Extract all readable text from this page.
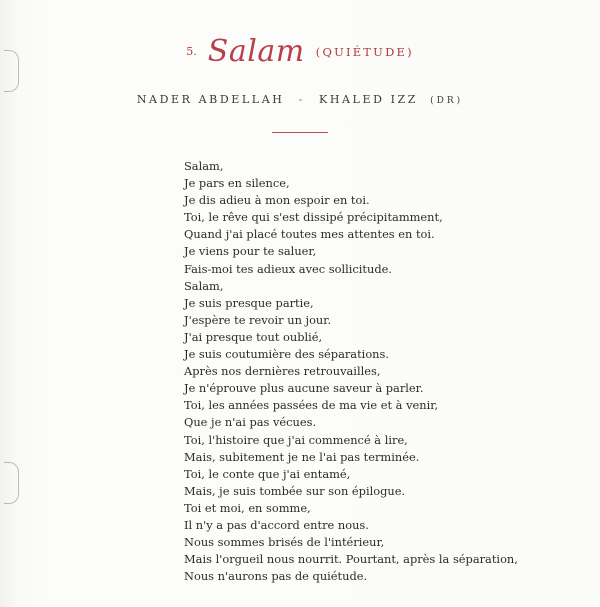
5. Salam (QUIÉTUDE)
NADER ABDELLAH - KHALED IZZ (DR)
Salam,
Je pars en silence,
Je dis adieu à mon espoir en toi.
Toi, le rêve qui s'est dissipé précipitamment,
Quand j'ai placé toutes mes attentes en toi.
Je viens pour te saluer,
Fais-moi tes adieux avec sollicitude.
Salam,
Je suis presque partie,
J'espère te revoir un jour.
J'ai presque tout oublié,
Je suis coutumière des séparations.
Après nos dernières retrouvailles,
Je n'éprouve plus aucune saveur à parler.
Toi, les années passées de ma vie et à venir,
Que je n'ai pas vécues.
Toi, l'histoire que j'ai commencé à lire,
Mais, subitement je ne l'ai pas terminée.
Toi, le conte que j'ai entamé,
Mais, je suis tombée sur son épilogue.
Toi et moi, en somme,
Il n'y a pas d'accord entre nous.
Nous sommes brisés de l'intérieur,
Mais l'orgueil nous nourrit. Pourtant, après la séparation,
Nous n'aurons pas de quiétude.
